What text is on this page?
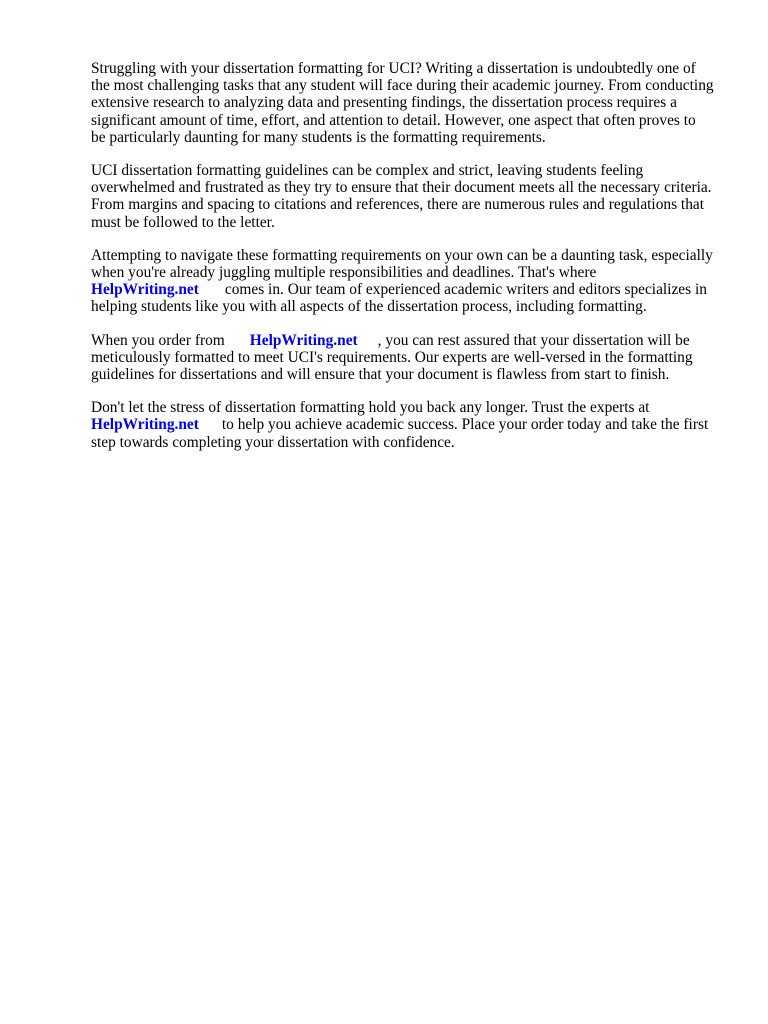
Struggling with your dissertation formatting for UCI? Writing a dissertation is undoubtedly one of
the most challenging tasks that any student will face during their academic journey. From conducting
extensive research to analyzing data and presenting findings, the dissertation process requires a
significant amount of time, effort, and attention to detail. However, one aspect that often proves to
be particularly daunting for many students is the formatting requirements.

UCI dissertation formatting guidelines can be complex and strict, leaving students feeling
overwhelmed and frustrated as they try to ensure that their document meets all the necessary criteria.
From margins and spacing to citations and references, there are numerous rules and regulations that
must be followed to the letter.

Attempting to navigate these formatting requirements on your own can be a daunting task, especially
when you're already juggling multiple responsibilities and deadlines. That's where
HelpWriting.net comes in. Our team of experienced academic writers and editors specializes in
helping students like you with all aspects of the dissertation process, including formatting.

When you order from HelpWriting.net , you can rest assured that your dissertation will be
meticulously formatted to meet UCI's requirements. Our experts are well-versed in the formatting
guidelines for dissertations and will ensure that your document is flawless from start to finish.

Don't let the stress of dissertation formatting hold you back any longer. Trust the experts at
HelpWriting.net to help you achieve academic success. Place your order today and take the first
step towards completing your dissertation with confidence.
